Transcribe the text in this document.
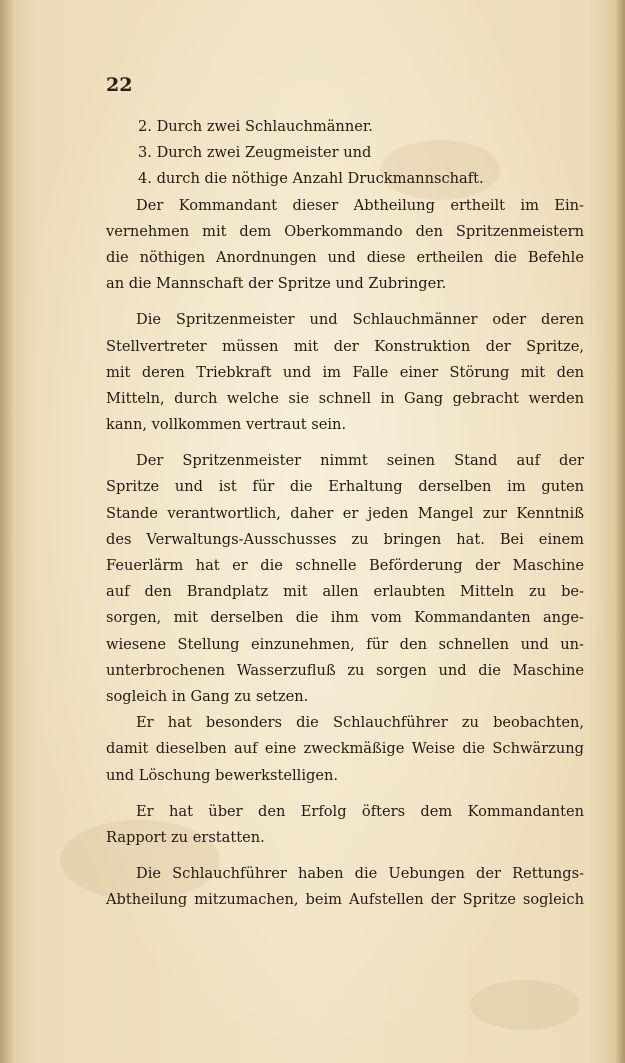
22
2. Durch zwei Schlauchmänner.
3. Durch zwei Zeugmeister und
4. durch die nöthige Anzahl Druckmannschaft.
Der Kommandant dieser Abtheilung ertheilt im Ein-
vernehmen mit dem Oberkommando den Spritzenmeistern
die nöthigen Anordnungen und diese ertheilen die Befehle
an die Mannschaft der Spritze und Zubringer.
Die Spritzenmeister und Schlauchmänner oder deren
Stellvertreter müssen mit der Konstruktion der Spritze,
mit deren Triebkraft und im Falle einer Störung mit den
Mitteln, durch welche sie schnell in Gang gebracht werden
kann, vollkommen vertraut sein.
Der Spritzenmeister nimmt seinen Stand auf der
Spritze und ist für die Erhaltung derselben im guten
Stande verantwortlich, daher er jeden Mangel zur Kenntniß
des Verwaltungs-Ausschusses zu bringen hat. Bei einem
Feuerlärm hat er die schnelle Beförderung der Maschine
auf den Brandplatz mit allen erlaubten Mitteln zu be-
sorgen, mit derselben die ihm vom Kommandanten ange-
wiesene Stellung einzunehmen, für den schnellen und un-
unterbrochenen Wasserzufluß zu sorgen und die Maschine
sogleich in Gang zu setzen.
Er hat besonders die Schlauchführer zu beobachten,
damit dieselben auf eine zweckmäßige Weise die Schwärzung
und Löschung bewerkstelligen.
Er hat über den Erfolg öfters dem Kommandanten
Rapport zu erstatten.
Die Schlauchführer haben die Uebungen der Rettungs-
Abtheilung mitzumachen, beim Aufstellen der Spritze sogleich
